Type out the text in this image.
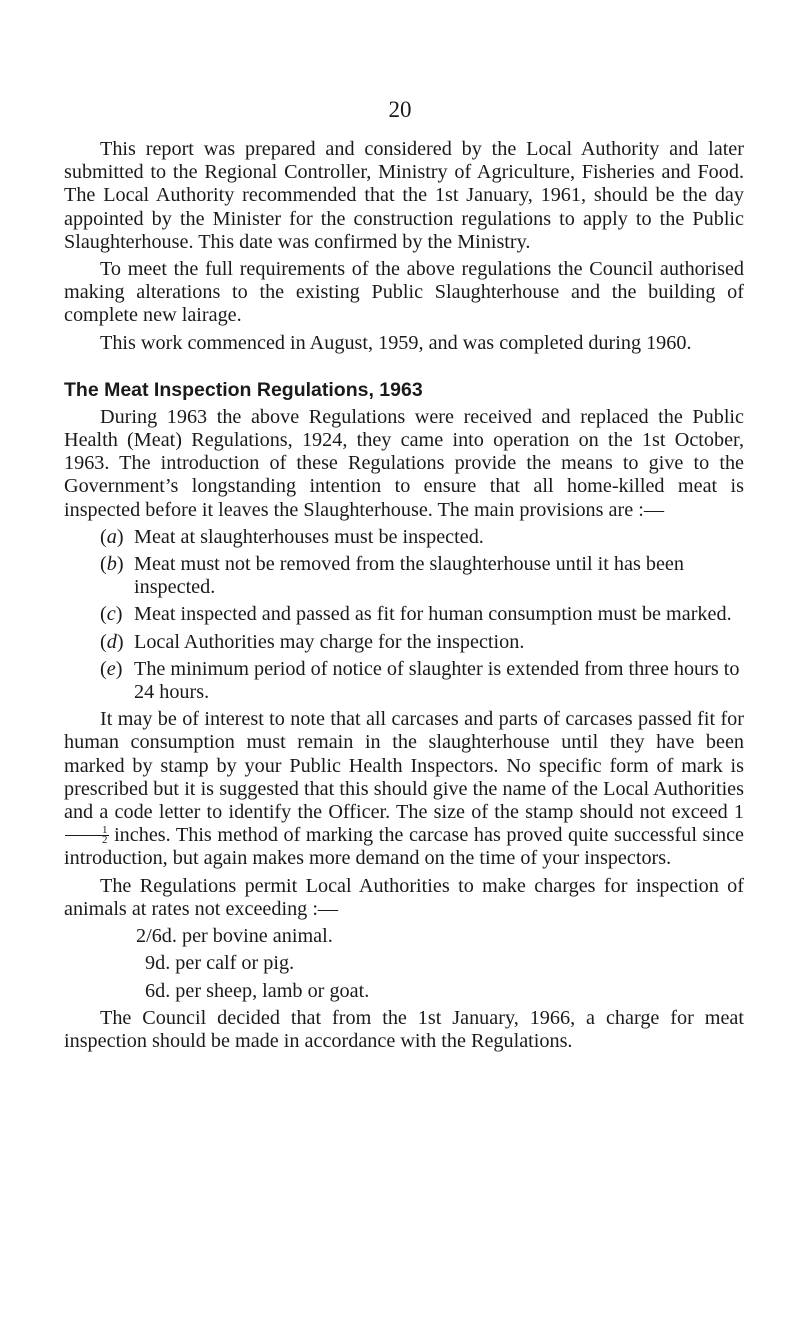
20

This report was prepared and considered by the Local Authority and later submitted to the Regional Controller, Ministry of Agriculture, Fisheries and Food. The Local Authority recommended that the 1st January, 1961, should be the day appointed by the Minister for the construction regulations to apply to the Public Slaughterhouse. This date was confirmed by the Ministry.

To meet the full requirements of the above regulations the Council authorised making alterations to the existing Public Slaughterhouse and the building of complete new lairage.

This work commenced in August, 1959, and was completed during 1960.

The Meat Inspection Regulations, 1963

During 1963 the above Regulations were received and replaced the Public Health (Meat) Regulations, 1924, they came into operation on the 1st October, 1963. The introduction of these Regulations provide the means to give to the Government’s longstanding intention to ensure that all home-killed meat is inspected before it leaves the Slaughterhouse. The main provisions are :—

(a) Meat at slaughterhouses must be inspected.
(b) Meat must not be removed from the slaughterhouse until it has been inspected.
(c) Meat inspected and passed as fit for human consumption must be marked.
(d) Local Authorities may charge for the inspection.
(e) The minimum period of notice of slaughter is extended from three hours to 24 hours.

It may be of interest to note that all carcases and parts of carcases passed fit for human consumption must remain in the slaughterhouse until they have been marked by stamp by your Public Health Inspectors. No specific form of mark is prescribed but it is suggested that this should give the name of the Local Authorities and a code letter to identify the Officer. The size of the stamp should not exceed 1
$\frac{1}{2}$ inches. This method of marking the carcase has proved quite successful since introduction, but again makes more demand on the time of your inspectors.

The Regulations permit Local Authorities to make charges for inspection of animals at rates not exceeding :—

2/6d. per bovine animal.

9d. per calf or pig.

6d. per sheep, lamb or goat.

The Council decided that from the 1st January, 1966, a charge for meat inspection should be made in accordance with the Regulations.
